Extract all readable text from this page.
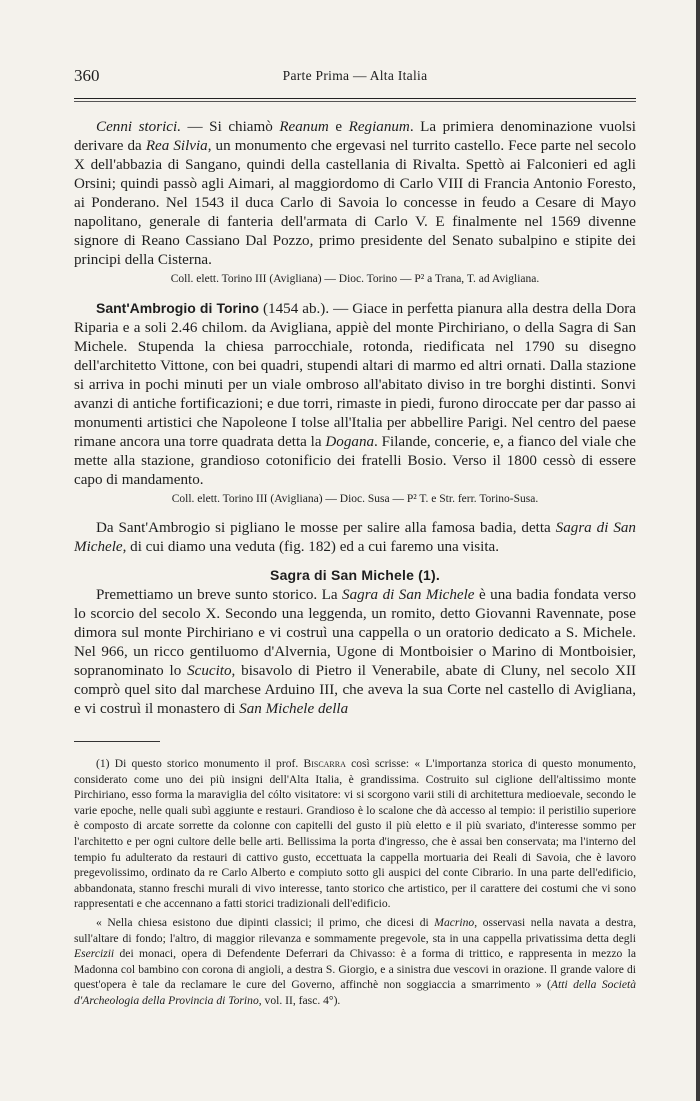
360	Parte Prima — Alta Italia

Cenni storici. — Si chiamò Reanum e Regianum. La primiera denominazione vuolsi derivare da Rea Silvia, un monumento che ergevasi nel turrito castello. Fece parte nel secolo X dell'abbazia di Sangano, quindi della castellania di Rivalta. Spettò ai Falconieri ed agli Orsini; quindi passò agli Aimari, al maggiordomo di Carlo VIII di Francia Antonio Foresto, ai Ponderano. Nel 1543 il duca Carlo di Savoia lo concesse in feudo a Cesare di Mayo napolitano, generale di fanteria dell'armata di Carlo V. E finalmente nel 1569 divenne signore di Reano Cassiano Dal Pozzo, primo presidente del Senato subalpino e stipite dei principi della Cisterna.

Coll. elett. Torino III (Avigliana) — Dioc. Torino — P² a Trana, T. ad Avigliana.

Sant'Ambrogio di Torino (1454 ab.). — Giace in perfetta pianura alla destra della Dora Riparia e a soli 2.46 chilom. da Avigliana, appiè del monte Pirchiriano, o della Sagra di San Michele. Stupenda la chiesa parrocchiale, rotonda, riedificata nel 1790 su disegno dell'architetto Vittone, con bei quadri, stupendi altari di marmo ed altri ornati. Dalla stazione si arriva in pochi minuti per un viale ombroso all'abitato diviso in tre borghi distinti. Sonvi avanzi di antiche fortificazioni; e due torri, rimaste in piedi, furono diroccate per dar passo ai monumenti artistici che Napoleone I tolse all'Italia per abbellire Parigi. Nel centro del paese rimane ancora una torre quadrata detta la Dogana. Filande, concerie, e, a fianco del viale che mette alla stazione, grandioso cotonificio dei fratelli Bosio. Verso il 1800 cessò di essere capo di mandamento.

Coll. elett. Torino III (Avigliana) — Dioc. Susa — P² T. e Str. ferr. Torino-Susa.

Da Sant'Ambrogio si pigliano le mosse per salire alla famosa badia, detta Sagra di San Michele, di cui diamo una veduta (fig. 182) ed a cui faremo una visita.

Sagra di San Michele (1).

Premettiamo un breve sunto storico. La Sagra di San Michele è una badia fondata verso lo scorcio del secolo X. Secondo una leggenda, un romito, detto Giovanni Ravennate, pose dimora sul monte Pirchiriano e vi costruì una cappella o un oratorio dedicato a S. Michele. Nel 966, un ricco gentiluomo d'Alvernia, Ugone di Montboisier o Marino di Montboisier, sopranominato lo Scucito, bisavolo di Pietro il Venerabile, abate di Cluny, nel secolo XII comprò quel sito dal marchese Arduino III, che aveva la sua Corte nel castello di Avigliana, e vi costruì il monastero di San Michele della

(1) Di questo storico monumento il prof. Biscarra così scrisse: « L'importanza storica di questo monumento, considerato come uno dei più insigni dell'Alta Italia, è grandissima. Costruito sul ciglione dell'altissimo monte Pirchiriano, esso forma la maraviglia del cólto visitatore: vi si scorgono varii stili di architettura medioevale, secondo le varie epoche, nelle quali subì aggiunte e restauri. Grandioso è lo scalone che dà accesso al tempio: il peristilio superiore è composto di arcate sorrette da colonne con capitelli del gusto il più eletto e il più svariato, d'interesse sommo per l'architetto e per ogni cultore delle belle arti. Bellissima la porta d'ingresso, che è assai ben conservata; ma l'interno del tempio fu adulterato da restauri di cattivo gusto, eccettuata la cappella mortuaria dei Reali di Savoia, che è lavoro pregevolissimo, ordinato da re Carlo Alberto e compiuto sotto gli auspici del conte Cibrario. In una parte dell'edificio, abbandonata, stanno freschi murali di vivo interesse, tanto storico che artistico, per il carattere dei costumi che vi sono rappresentati e che accennano a fatti storici tradizionali dell'edificio.

« Nella chiesa esistono due dipinti classici; il primo, che dicesi di Macrino, osservasi nella navata a destra, sull'altare di fondo; l'altro, di maggior rilevanza e sommamente pregevole, sta in una cappella privatissima detta degli Esercizii dei monaci, opera di Defendente Deferrari da Chivasso: è a forma di trittico, e rappresenta in mezzo la Madonna col bambino con corona di angioli, a destra S. Giorgio, e a sinistra due vescovi in orazione. Il grande valore di quest'opera è tale da reclamare le cure del Governo, affinchè non soggiaccia a smarrimento » (Atti della Società d'Archeologia della Provincia di Torino, vol. II, fasc. 4°).
